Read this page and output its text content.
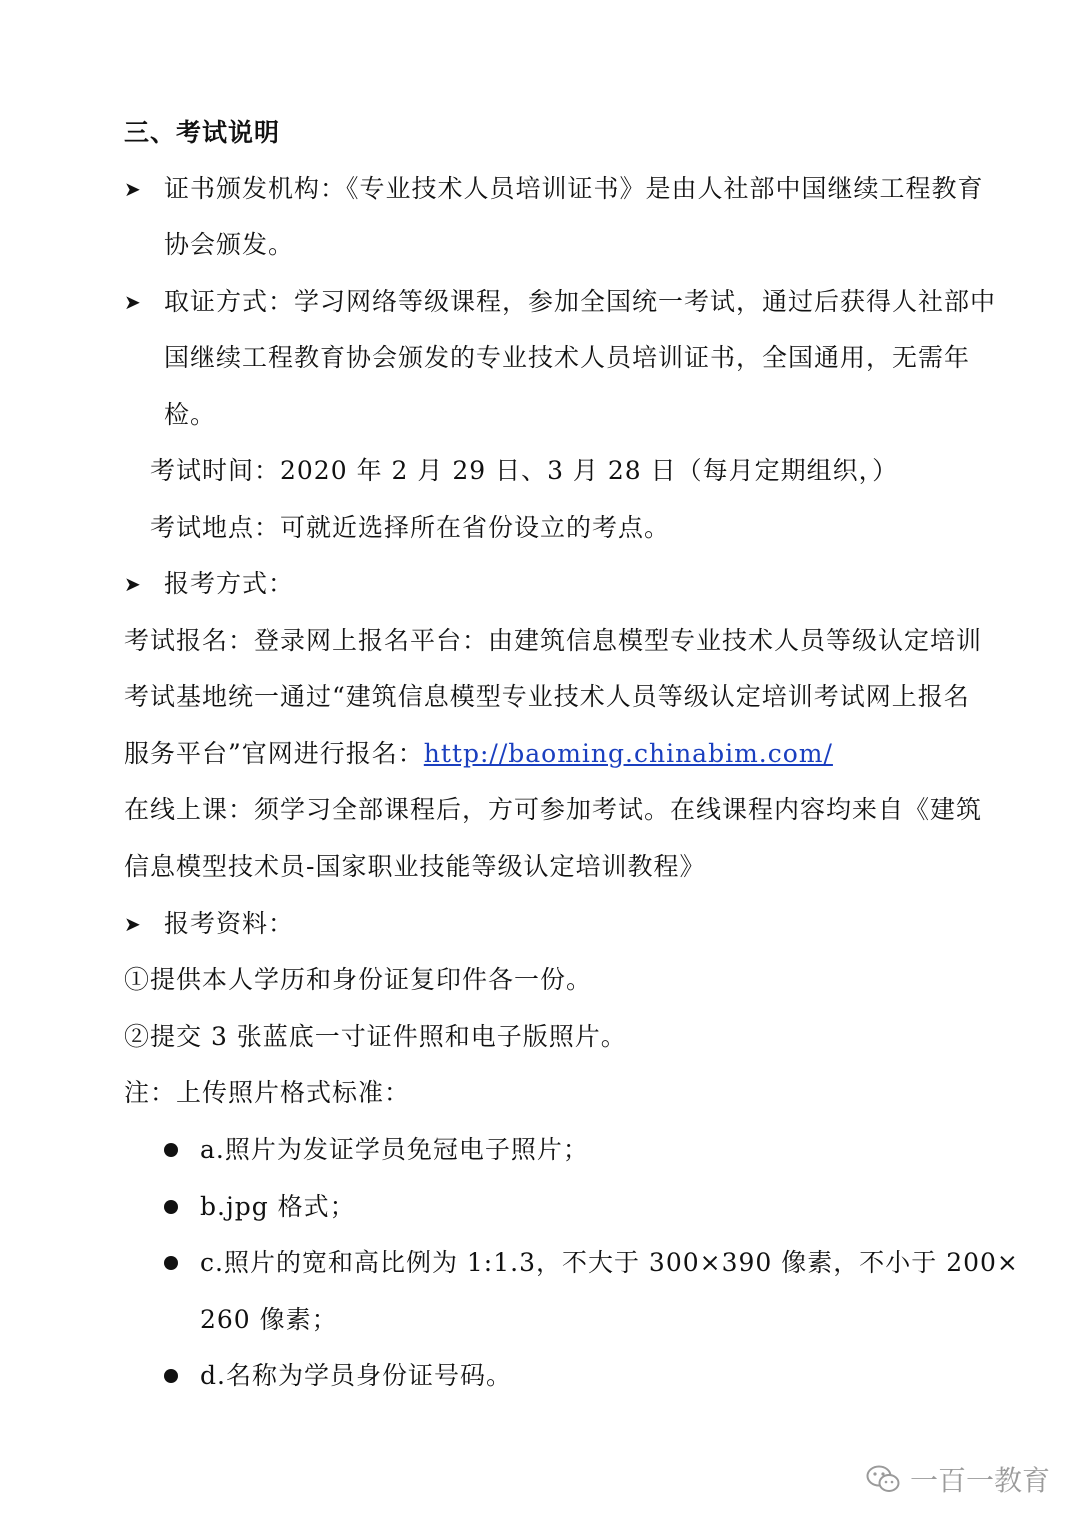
三、考试说明
➤ 证书颁发机构：《专业技术人员培训证书》是由人社部中国继续工程教育
协会颁发。
➤ 取证方式：学习网络等级课程，参加全国统一考试，通过后获得人社部中
国继续工程教育协会颁发的专业技术人员培训证书，全国通用，无需年
检。
考试时间：2020 年 2 月 29 日、3 月 28 日（每月定期组织，）
考试地点：可就近选择所在省份设立的考点。
➤ 报考方式：
考试报名：登录网上报名平台：由建筑信息模型专业技术人员等级认定培训
考试基地统一通过“建筑信息模型专业技术人员等级认定培训考试网上报名
服务平台”官网进行报名：http://baoming.chinabim.com/
在线上课：须学习全部课程后，方可参加考试。在线课程内容均来自《建筑
信息模型技术员-国家职业技能等级认定培训教程》
➤ 报考资料：
①提供本人学历和身份证复印件各一份。
②提交 3 张蓝底一寸证件照和电子版照片。
注：上传照片格式标准：
a.照片为发证学员免冠电子照片；
b.jpg 格式；
c.照片的宽和高比例为 1:1.3，不大于 300×390 像素，不小于 200×
260 像素；
d.名称为学员身份证号码。
一百一教育
